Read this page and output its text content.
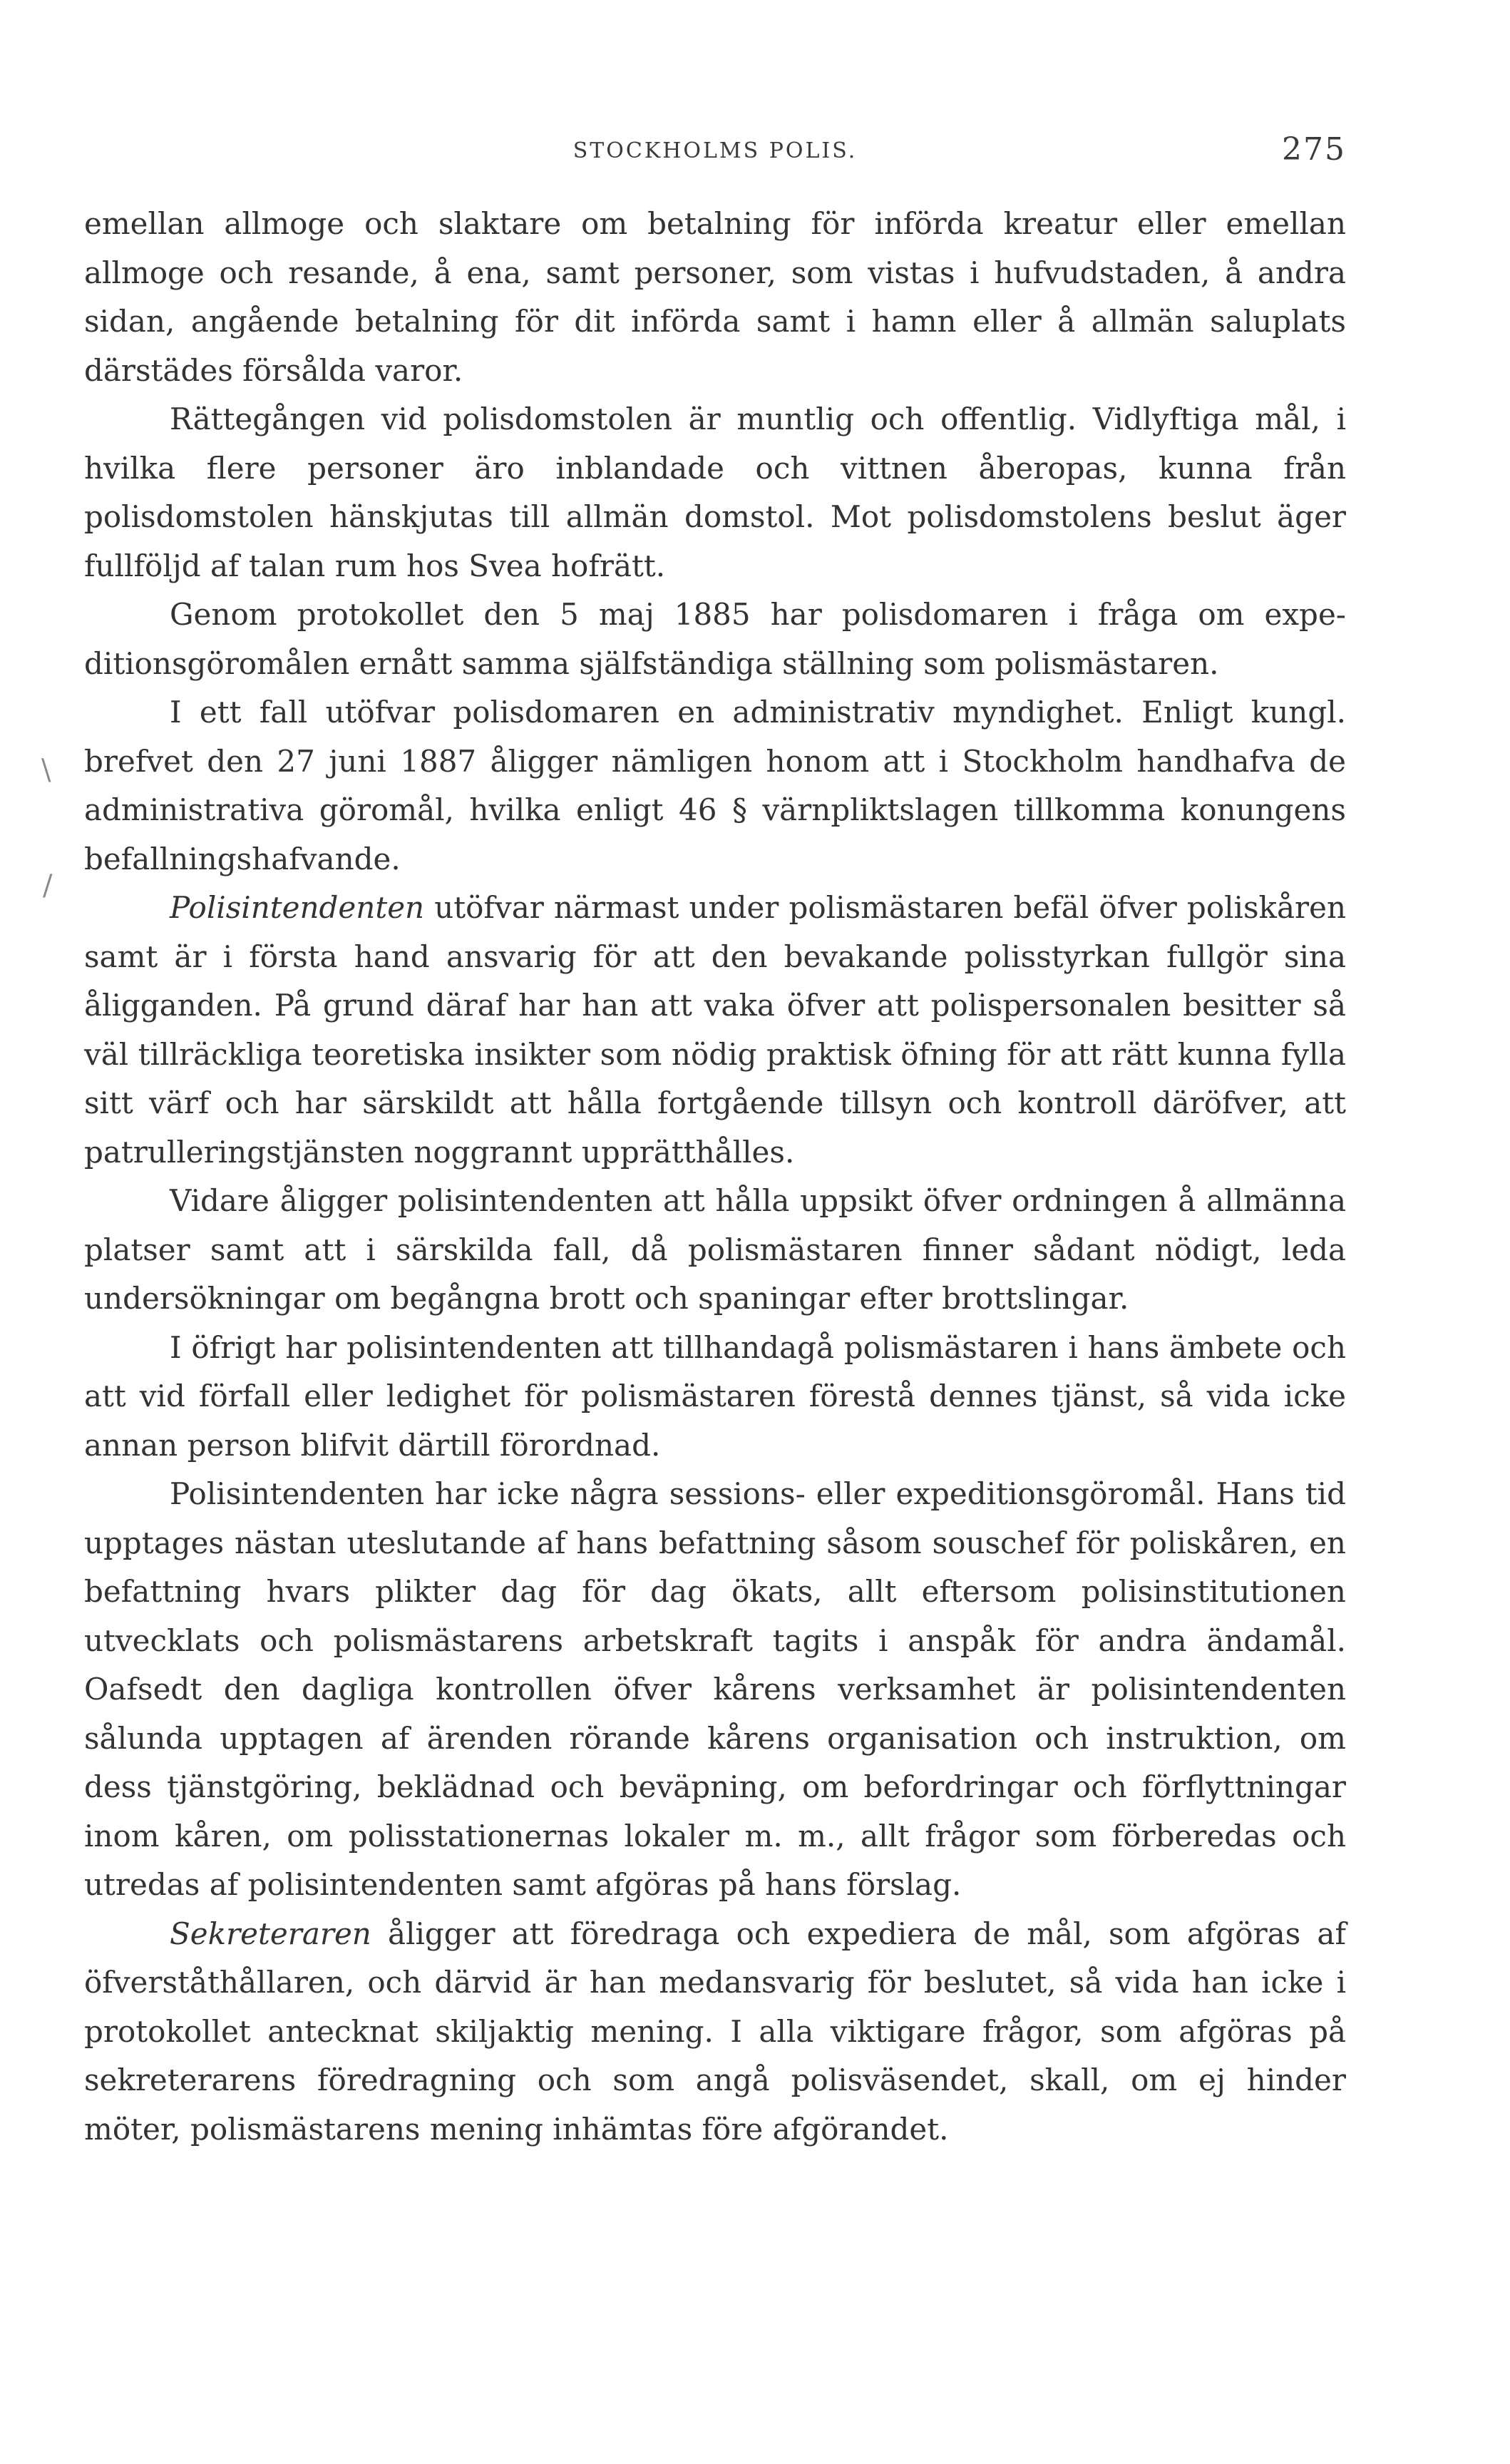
STOCKHOLMS POLIS.	275
\
/

emellan allmoge och slaktare om betalning för införda kreatur eller emellan allmoge och resande, å ena, samt personer, som vistas i hufvudstaden, å andra sidan, angående betalning för dit införda samt i hamn eller å allmän saluplats därstädes försålda varor.

Rättegången vid polisdomstolen är muntlig och offentlig. Vidlyftiga mål, i hvilka flere personer äro inblandade och vittnen åberopas, kunna från polisdomstolen hänskjutas till allmän domstol. Mot polisdomstolens beslut äger fullföljd af talan rum hos Svea hofrätt.

Genom protokollet den 5 maj 1885 har polisdomaren i fråga om expeditionsgöromålen ernått samma själfständiga ställning som polismästaren.

I ett fall utöfvar polisdomaren en administrativ myndighet. Enligt kungl. brefvet den 27 juni 1887 åligger nämligen honom att i Stockholm handhafva de administrativa göromål, hvilka enligt 46 § värnpliktslagen tillkomma konungens befallningshafvande.

Polisintendenten utöfvar närmast under polismästaren befäl öfver poliskåren samt är i första hand ansvarig för att den bevakande polisstyrkan fullgör sina åligganden. På grund däraf har han att vaka öfver att polispersonalen besitter så väl tillräckliga teoretiska insikter som nödig praktisk öfning för att rätt kunna fylla sitt värf och har särskildt att hålla fortgående tillsyn och kontroll däröfver, att patrulleringstjänsten noggrannt upprätthålles.

Vidare åligger polisintendenten att hålla uppsikt öfver ordningen å allmänna platser samt att i särskilda fall, då polismästaren finner sådant nödigt, leda undersökningar om begångna brott och spaningar efter brottslingar.

I öfrigt har polisintendenten att tillhandagå polismästaren i hans ämbete och att vid förfall eller ledighet för polismästaren förestå dennes tjänst, så vida icke annan person blifvit därtill förordnad.

Polisintendenten har icke några sessions- eller expeditionsgöromål. Hans tid upptages nästan uteslutande af hans befattning såsom souschef för poliskåren, en befattning hvars plikter dag för dag ökats, allt eftersom polisinstitutionen utvecklats och polismästarens arbetskraft tagits i anspåk för andra ändamål. Oafsedt den dagliga kontrollen öfver kårens verksamhet är polisintendenten sålunda upptagen af ärenden rörande kårens organisation och instruktion, om dess tjänstgöring, beklädnad och beväpning, om befordringar och förflyttningar inom kåren, om polisstationernas lokaler m. m., allt frågor som förberedas och utredas af polisintendenten samt afgöras på hans förslag.

Sekreteraren åligger att föredraga och expediera de mål, som afgöras af öfverståthållaren, och därvid är han medansvarig för beslutet, så vida han icke i protokollet antecknat skiljaktig mening. I alla viktigare frågor, som afgöras på sekreterarens föredragning och som angå polisväsendet, skall, om ej hinder möter, polismästarens mening inhämtas före afgörandet.
